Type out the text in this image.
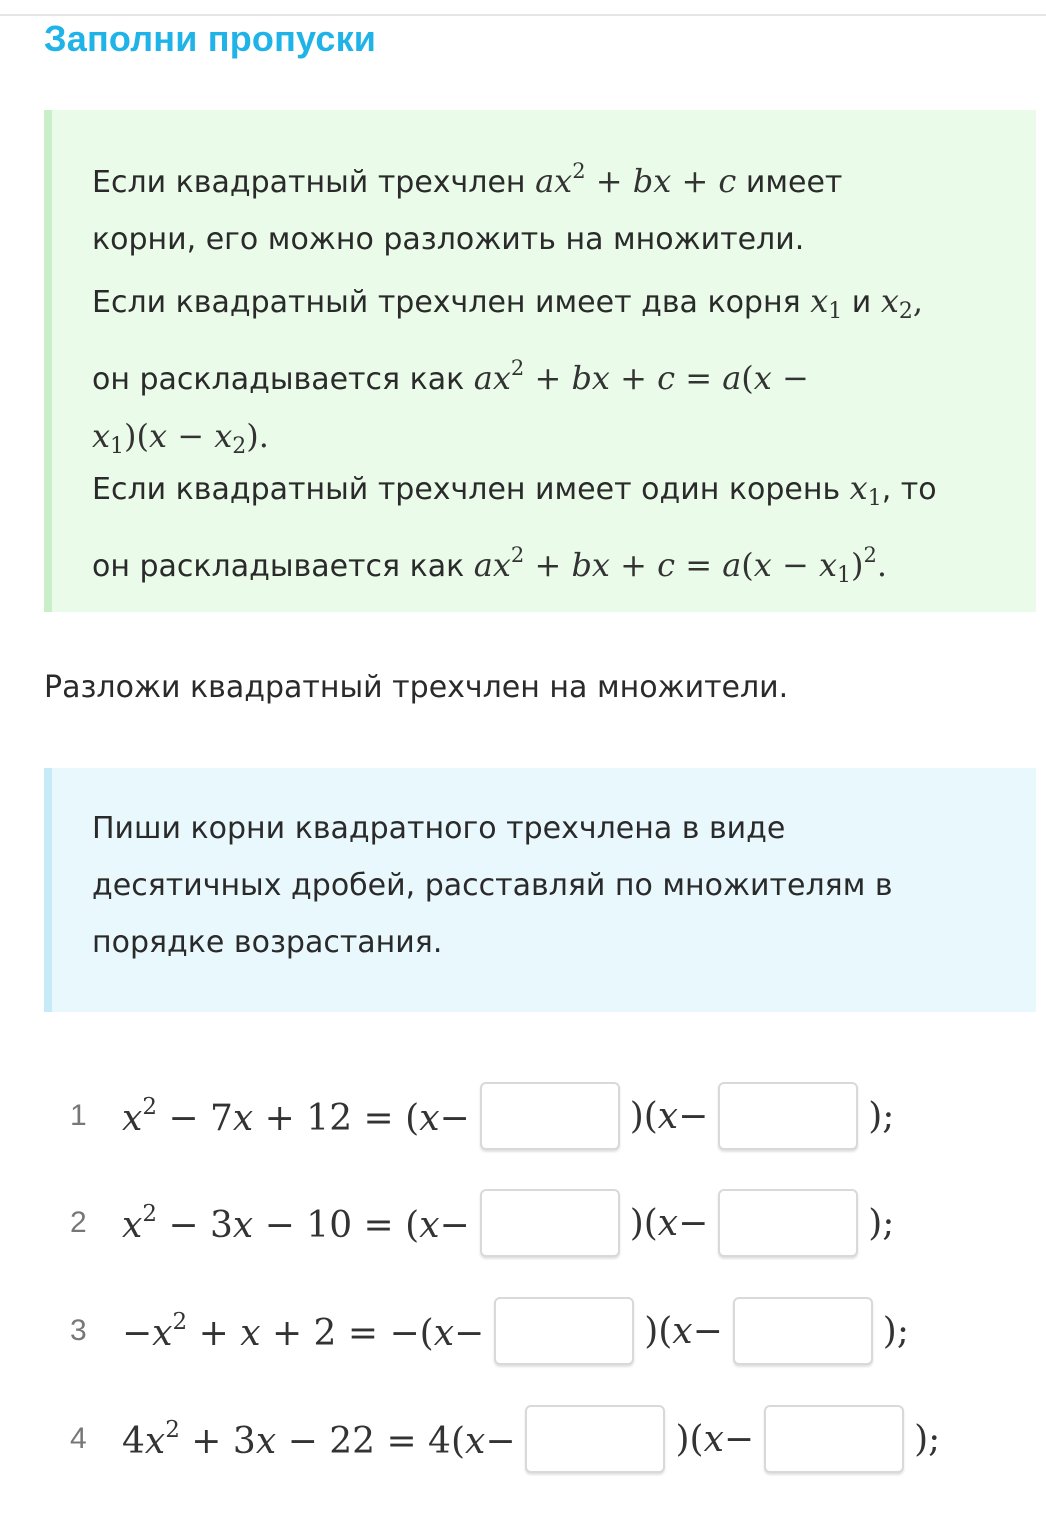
Заполни пропуски
Если квадратный трехчлен $ax^2$ + bx + c имеет
корни, его можно разложить на множители.
Если квадратный трехчлен имеет два корня $x_1$ и $x_2$,
он раскладывается как $ax^2$ + bx + c = a(x −
$x_1)(x - x_2)$.
Если квадратный трехчлен имеет один корень $x_1$, то
он раскладывается как $ax^2$ + bx + $c = a(x - x_1)^2$.
Разложи квадратный трехчлен на множители.
Пиши корни квадратного трехчлена в виде
десятичных дробей, расставляй по множителям в
порядке возрастания.
1 $x^2 - 7x + 12 = (x-$	)(x−	);
2 $x^2 - 3x - 10 = (x-$	)(x−	);
$3 -x^2 + x + 2 = -(x-$	)(x−	);
4 $4x^2 + 3x - 22 = 4(x-$	)(x−	);
